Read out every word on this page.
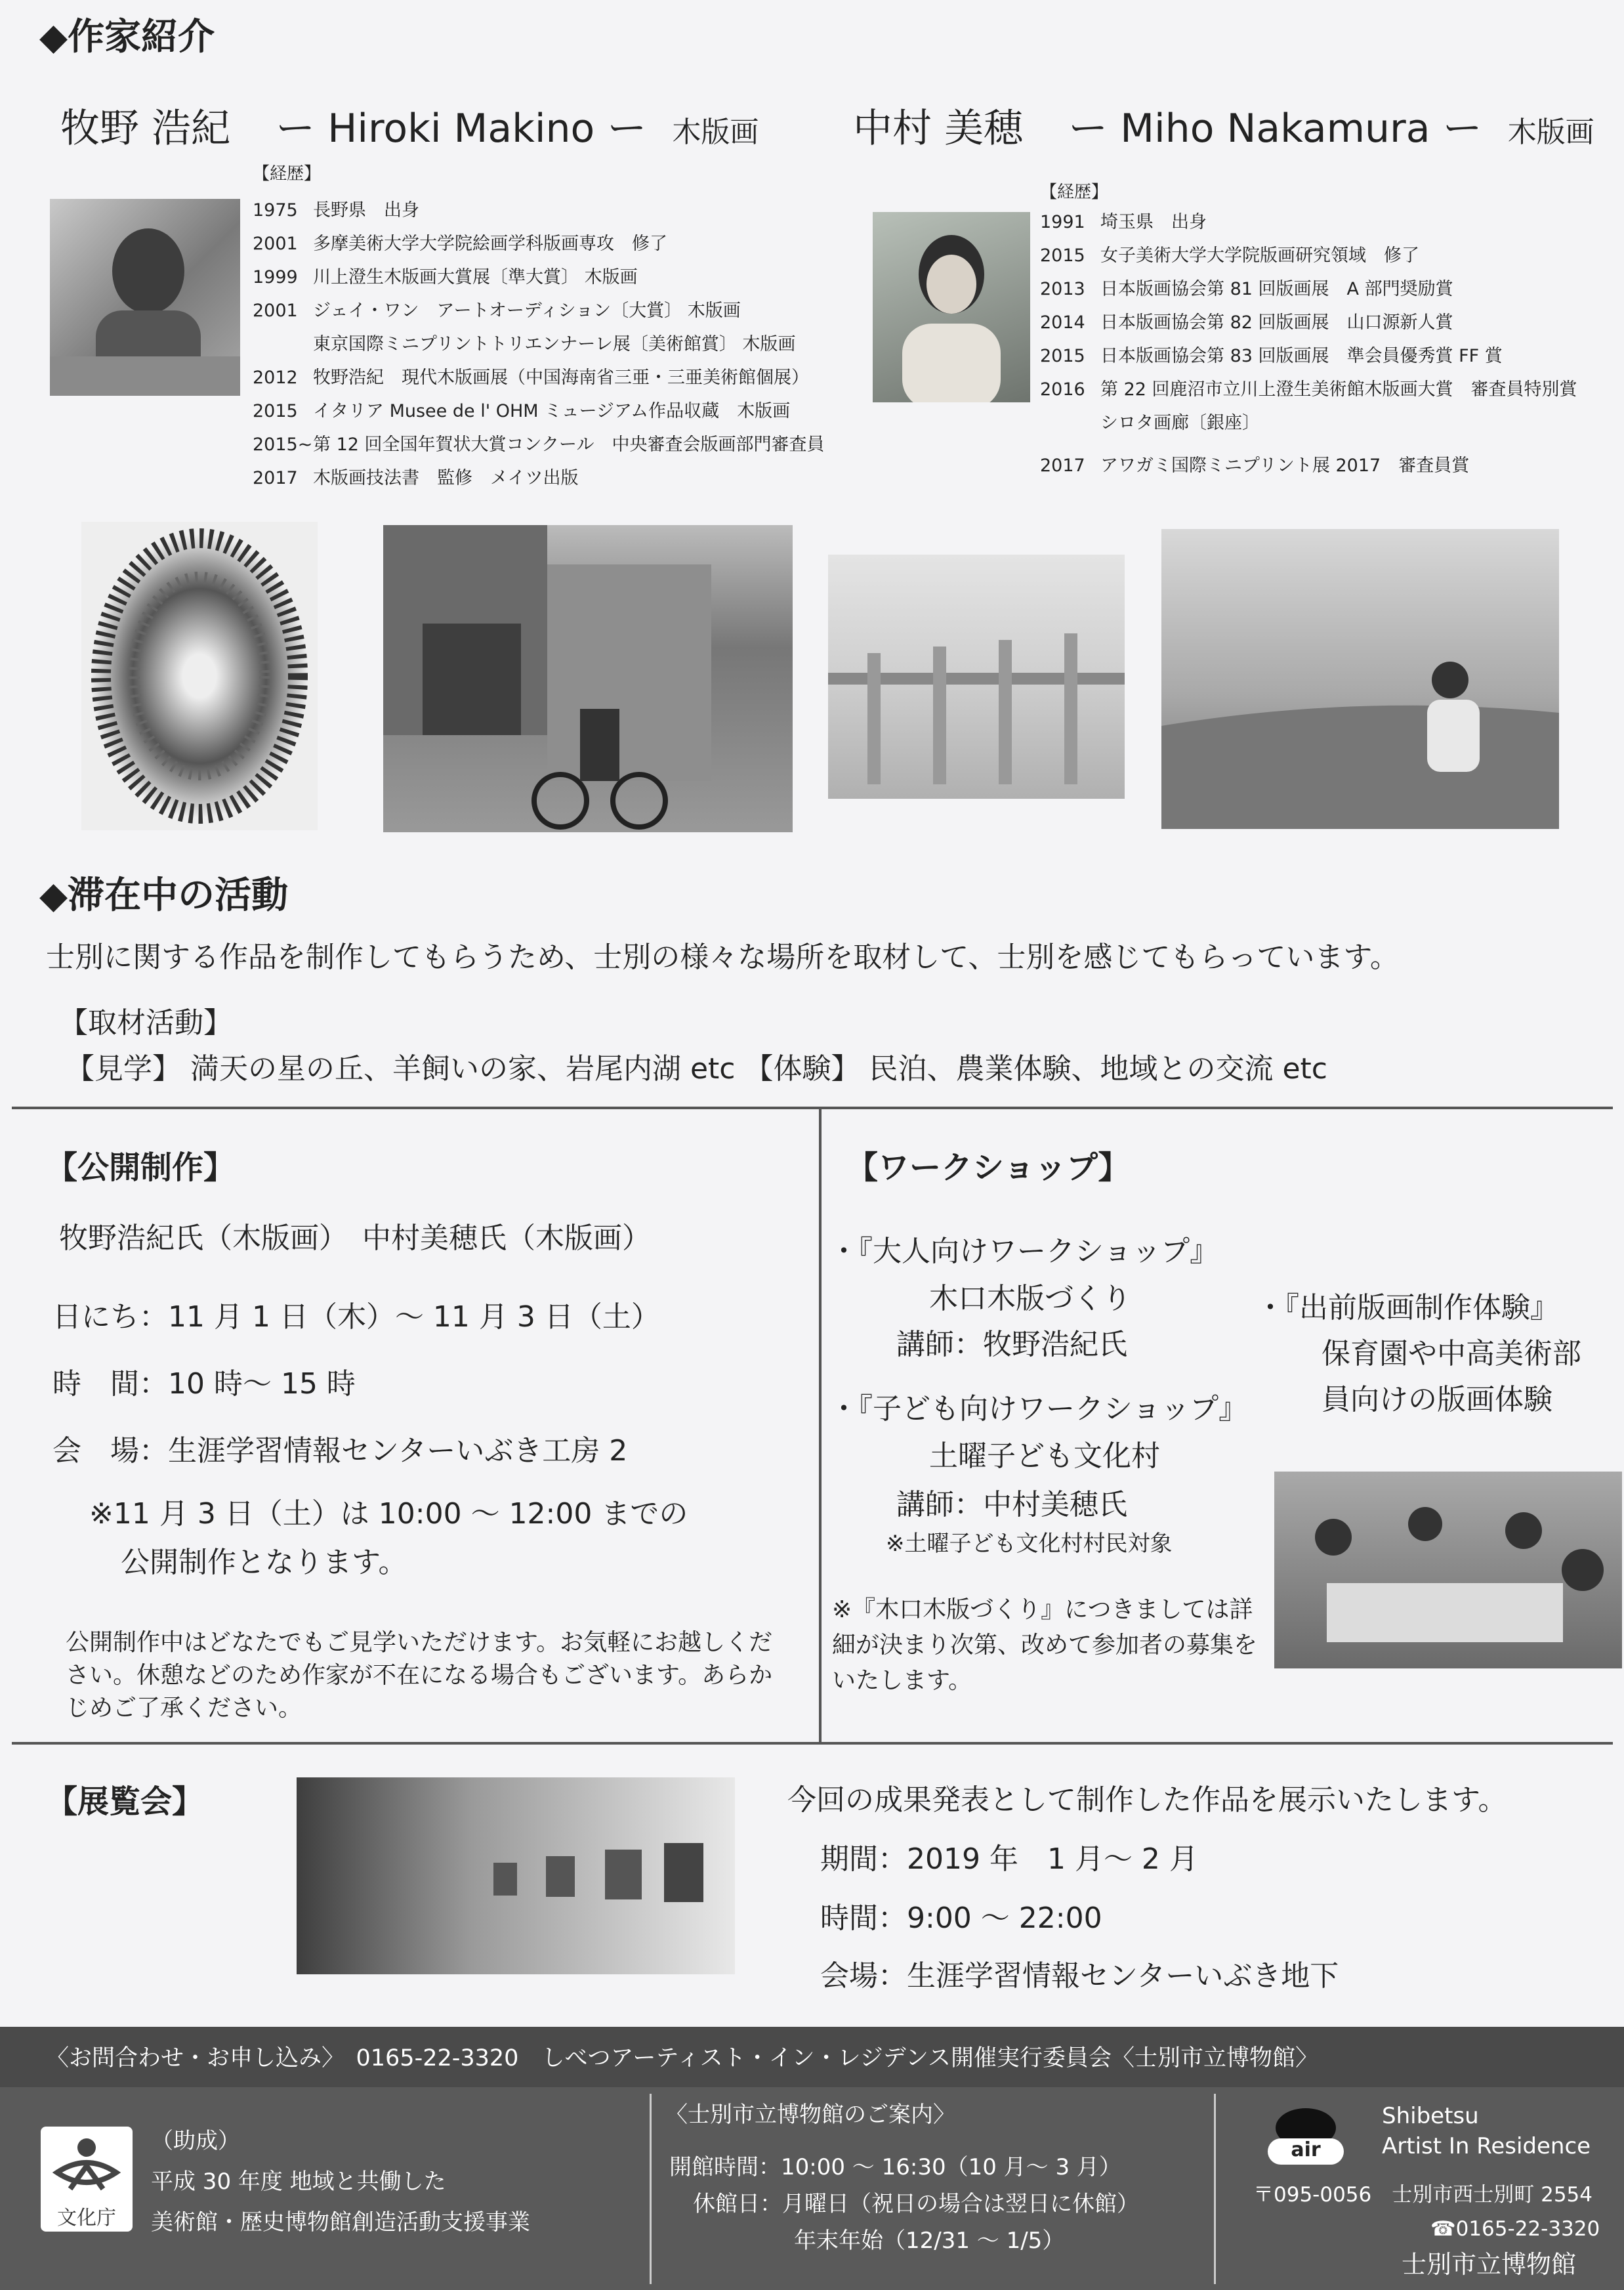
◆作家紹介
牧野 浩紀 ー Hiroki Makino ー 木版画
【経歴】
1975 長野県　出身
2001 多摩美術大学大学院絵画学科版画専攻　修了
1999 川上澄生木版画大賞展〔準大賞〕 木版画
2001 ジェイ・ワン　アートオーディション〔大賞〕 木版画
東京国際ミニプリントトリエンナーレ展〔美術館賞〕 木版画
2012 牧野浩紀　現代木版画展（中国海南省三亜・三亜美術館個展）
2015 イタリア Musee de l' OHM ミュージアム作品収蔵　木版画
2015~ 第 12 回全国年賀状大賞コンクール　中央審査会版画部門審査員
2017 木版画技法書　監修　メイツ出版
中村 美穂 ー Miho Nakamura ー 木版画
【経歴】
1991 埼玉県　出身
2015 女子美術大学大学院版画研究領域　修了
2013 日本版画協会第 81 回版画展　A 部門奨励賞
2014 日本版画協会第 82 回版画展　山口源新人賞
2015 日本版画協会第 83 回版画展　準会員優秀賞 FF 賞
2016 第 22 回鹿沼市立川上澄生美術館木版画大賞　審査員特別賞
シロタ画廊〔銀座〕
2017 アワガミ国際ミニプリント展 2017　審査員賞
◆滞在中の活動
士別に関する作品を制作してもらうため、士別の様々な場所を取材して、士別を感じてもらっています。
【取材活動】
【見学】 満天の星の丘、羊飼いの家、岩尾内湖 etc 【体験】 民泊、農業体験、地域との交流 etc
【公開制作】
牧野浩紀氏（木版画）　中村美穂氏（木版画）
日にち：11 月 1 日（木）～ 11 月 3 日（土）
時　間：10 時～ 15 時
会　場：生涯学習情報センターいぶき工房 2
※11 月 3 日（土）は 10:00 ～ 12:00 までの
公開制作となります。
公開制作中はどなたでもご見学いただけます。お気軽にお越しください。休憩などのため作家が不在になる場合もございます。あらかじめご了承ください。
【ワークショップ】
・『大人向けワークショップ』
木口木版づくり
講師：牧野浩紀氏
・『子ども向けワークショップ』
土曜子ども文化村
講師：中村美穂氏
※土曜子ども文化村村民対象
・『出前版画制作体験』
保育園や中高美術部
員向けの版画体験
※『木口木版づくり』につきましては詳細が決まり次第、改めて参加者の募集をいたします。
【展覧会】	今回の成果発表として制作した作品を展示いたします。
期間：2019 年　1 月～ 2 月
時間：9:00 ～ 22:00
会場：生涯学習情報センターいぶき地下
〈お問合わせ・お申し込み〉　0165-22-3320　しべつアーティスト・イン・レジデンス開催実行委員会〈士別市立博物館〉
文化庁
（助成）
平成 30 年度 地域と共働した
美術館・歴史博物館創造活動支援事業
〈士別市立博物館のご案内〉
開館時間：10:00 ～ 16:30（10 月～ 3 月）
休館日：月曜日（祝日の場合は翌日に休館）
年末年始（12/31 ～ 1/5）
air
Shibetsu
Artist In Residence
〒095-0056　士別市西士別町 2554
☎0165-22-3320
士別市立博物館
